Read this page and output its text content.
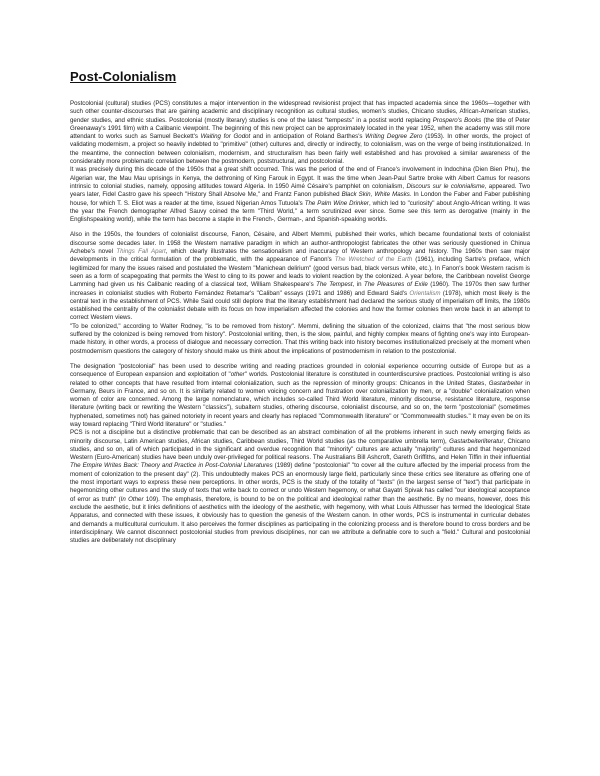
Post-Colonialism

Postcolonial (cultural) studies (PCS) constitutes a major intervention in the widespread revisionist project that has impacted academia since the 1960s—together with such other counter-discourses that are gaining academic and disciplinary recognition as cultural studies, women's studies, Chicano studies, African-American studies, gender studies, and ethnic studies. Postcolonial (mostly literary) studies is one of the latest "tempests" in a postist world replacing Prospero's Books (the title of Peter Greenaway's 1991 film) with a Calibanic viewpoint. The beginning of this new project can be approximately located in the year 1952, when the academy was still more attendant to works such as Samuel Beckett's Waiting for Godot and in anticipation of Roland Barthes's Writing Degree Zero (1953). In other words, the project of validating modernism, a project so heavily indebted to "primitive" (other) cultures and, directly or indirectly, to colonialism, was on the verge of being institutionalized. In the meantime, the connection between colonialism, modernism, and structuralism has been fairly well established and has provoked a similar awareness of the considerably more problematic correlation between the postmodern, poststructural, and postcolonial.

It was precisely during this decade of the 1950s that a great shift occurred. This was the period of the end of France's involvement in Indochina (Dien Bien Phu), the Algerian war, the Mau Mau uprisings in Kenya, the dethroning of King Farouk in Egypt. It was the time when Jean-Paul Sartre broke with Albert Camus for reasons intrinsic to colonial studies, namely, opposing attitudes toward Algeria. In 1950 Aimé Césaire's pamphlet on colonialism, Discours sur le colonialisme, appeared. Two years later, Fidel Castro gave his speech "History Shall Absolve Me," and Frantz Fanon published Black Skin, White Masks. In London the Faber and Faber publishing house, for which T. S. Eliot was a reader at the time, issued Nigerian Amos Tutuola's The Palm Wine Drinker, which led to "curiosity" about Anglo-African writing. It was the year the French demographer Alfred Sauvy coined the term "Third World," a term scrutinized ever since. Some see this term as derogative (mainly in the Englishspeaking world), while the term has become a staple in the French-, German-, and Spanish-speaking worlds.

Also in the 1950s, the founders of colonialist discourse, Fanon, Césaire, and Albert Memmi, published their works, which became foundational texts of colonialist discourse some decades later. In 1958 the Western narrative paradigm in which an author-anthropologist fabricates the other was seriously questioned in Chinua Achebe's novel Things Fall Apart, which clearly illustrates the sensationalism and inaccuracy of Western anthropology and history. The 1960s then saw major developments in the critical formulation of the problematic, with the appearance of Fanon's The Wretched of the Earth (1961), including Sartre's preface, which legitimized for many the issues raised and postulated the Western "Manichean delirium" (good versus bad, black versus white, etc.). In Fanon's book Western racism is seen as a form of scapegoating that permits the West to cling to its power and leads to violent reaction by the colonized. A year before, the Caribbean novelist George Lamming had given us his Calibanic reading of a classical text, William Shakespeare's The Tempest, in The Pleasures of Exile (1960). The 1970s then saw further increases in colonialist studies with Roberto Fernández Retamar's "Caliban" essays (1971 and 1986) and Edward Said's Orientalism (1978), which most likely is the central text in the establishment of PCS. While Said could still deplore that the literary establishment had declared the serious study of imperialism off limits, the 1980s established the centrality of the colonialist debate with its focus on how imperialism affected the colonies and how the former colonies then wrote back in an attempt to correct Western views.

"To be colonized," according to Walter Rodney, "is to be removed from history". Memmi, defining the situation of the colonized, claims that "the most serious blow suffered by the colonized is being removed from history". Postcolonial writing, then, is the slow, painful, and highly complex means of fighting one's way into European-made history, in other words, a process of dialogue and necessary correction. That this writing back into history becomes institutionalized precisely at the moment when postmodernism questions the category of history should make us think about the implications of postmodernism in relation to the postcolonial.

The designation "postcolonial" has been used to describe writing and reading practices grounded in colonial experience occurring outside of Europe but as a consequence of European expansion and exploitation of "other" worlds. Postcolonial literature is constituted in counterdiscursive practices. Postcolonial writing is also related to other concepts that have resulted from internal colonialization, such as the repression of minority groups: Chicanos in the United States, Gastarbeiter in Germany, Beurs in France, and so on. It is similarly related to women voicing concern and frustration over colonialization by men, or a "double" colonialization when women of color are concerned. Among the large nomenclature, which includes so-called Third World literature, minority discourse, resistance literature, response literature (writing back or rewriting the Western "classics"), subaltern studies, othering discourse, colonialist discourse, and so on, the term "postcolonial" (sometimes hyphenated, sometimes not) has gained notoriety in recent years and clearly has replaced "Commonwealth literature" or "Commonwealth studies." It may even be on its way toward replacing "Third World literature" or "studies."

PCS is not a discipline but a distinctive problematic that can be described as an abstract combination of all the problems inherent in such newly emerging fields as minority discourse, Latin American studies, African studies, Caribbean studies, Third World studies (as the comparative umbrella term), Gastarbeiterliteratur, Chicano studies, and so on, all of which participated in the significant and overdue recognition that "minority" cultures are actually "majority" cultures and that hegemonized Western (Euro-American) studies have been unduly over-privileged for political reasons. The Australians Bill Ashcroft, Gareth Griffiths, and Helen Tiffin in their influential The Empire Writes Back: Theory and Practice in Post-Colonial Literatures (1989) define "postcolonial" "to cover all the culture affected by the imperial process from the moment of colonization to the present day" (2). This undoubtedly makes PCS an enormously large field, particularly since these critics see literature as offering one of the most important ways to express these new perceptions. In other words, PCS is the study of the totality of "texts" (in the largest sense of "text") that participate in hegemonizing other cultures and the study of texts that write back to correct or undo Western hegemony, or what Gayatri Spivak has called "our ideological acceptance of error as truth" (In Other 109). The emphasis, therefore, is bound to be on the political and ideological rather than the aesthetic. By no means, however, does this exclude the aesthetic, but it links definitions of aesthetics with the ideology of the aesthetic, with hegemony, with what Louis Althusser has termed the Ideological State Apparatus, and connected with these issues, it obviously has to question the genesis of the Western canon. In other words, PCS is instrumental in curricular debates and demands a multicultural curriculum. It also perceives the former disciplines as participating in the colonizing process and is therefore bound to cross borders and be interdisciplinary. We cannot disconnect postcolonial studies from previous disciplines, nor can we attribute a definable core to such a "field." Cultural and postcolonial studies are deliberately not disciplinary
